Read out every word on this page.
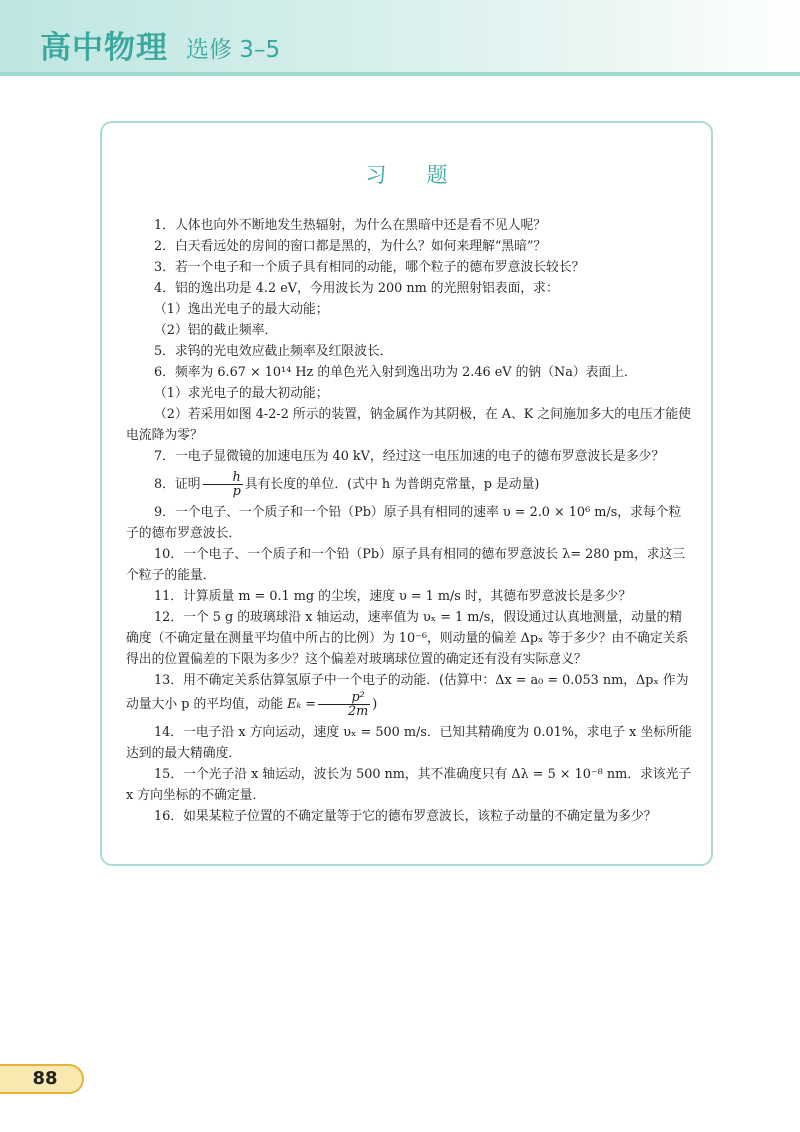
高中物理 选修 3–5
习题

1．人体也向外不断地发生热辐射，为什么在黑暗中还是看不见人呢？

2．白天看远处的房间的窗口都是黑的，为什么？如何来理解“黑暗”？

3．若一个电子和一个质子具有相同的动能，哪个粒子的德布罗意波长较长？

4．铝的逸出功是 4.2 eV，今用波长为 200 nm 的光照射铝表面，求：

（1）逸出光电子的最大动能；

（2）铝的截止频率．

5．求钨的光电效应截止频率及红限波长．

6．频率为 6.67 × 10¹⁴ Hz 的单色光入射到逸出功为 2.46 eV 的钠（Na）表面上．

（1）求光电子的最大初动能；

（2）若采用如图 4-2-2 所示的装置，钠金属作为其阴极，在 A、K 之间施加多大的电压才能使电流降为零？

7．一电子显微镜的加速电压为 40 kV，经过这一电压加速的电子的德布罗意波长是多少？

8．证明 $\frac{h}{p}$ 具有长度的单位．(式中 h 为普朗克常量，p 是动量)

9．一个电子、一个质子和一个铅（Pb）原子具有相同的速率 υ = 2.0 × 10⁶ m/s，求每个粒子的德布罗意波长．

10．一个电子、一个质子和一个铅（Pb）原子具有相同的德布罗意波长 λ= 280 pm，求这三个粒子的能量．

11．计算质量 m = 0.1 mg 的尘埃，速度 υ = 1 m/s 时，其德布罗意波长是多少？

12．一个 5 g 的玻璃球沿 x 轴运动，速率值为 υₓ = 1 m/s，假设通过认真地测量，动量的精确度（不确定量在测量平均值中所占的比例）为 10⁻⁶，则动量的偏差 Δpₓ 等于多少？由不确定关系得出的位置偏差的下限为多少？这个偏差对玻璃球位置的确定还有没有实际意义？

13．用不确定关系估算氢原子中一个电子的动能．(估算中：Δx = a₀ = 0.053 nm，Δpₓ 作为动量大小 p 的平均值，动能 $E_k = \frac{\text{p²}}{2m}$ )

14．一电子沿 x 方向运动，速度 υₓ = 500 m/s．已知其精确度为 0.01%，求电子 x 坐标所能达到的最大精确度．

15．一个光子沿 x 轴运动，波长为 500 nm，其不准确度只有 Δλ = 5 × 10⁻⁸ nm．求该光子 x 方向坐标的不确定量．

16．如果某粒子位置的不确定量等于它的德布罗意波长，该粒子动量的不确定量为多少？

88
